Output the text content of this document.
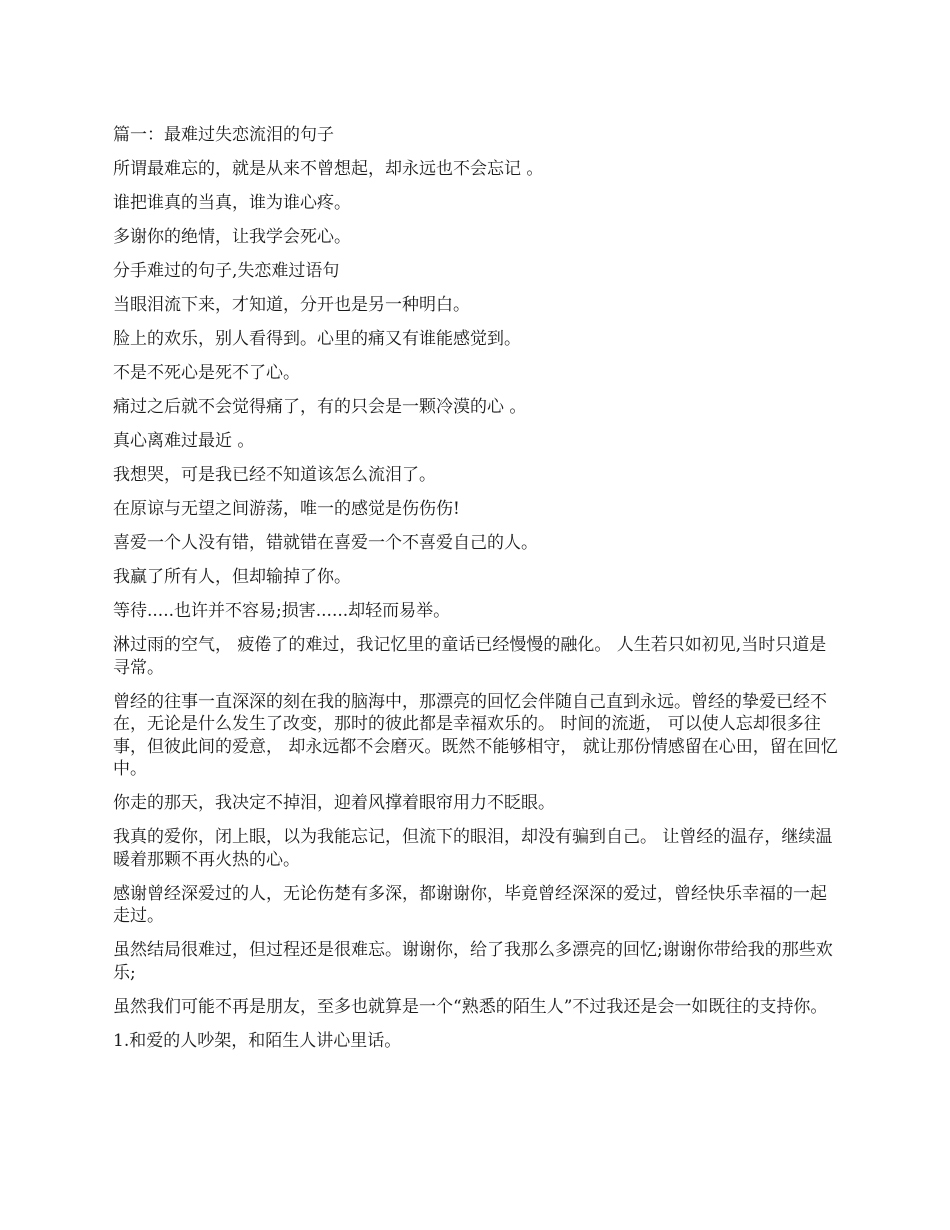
篇一：最难过失恋流泪的句子

所谓最难忘的，就是从来不曾想起，却永远也不会忘记 。

谁把谁真的当真，谁为谁心疼。

多谢你的绝情，让我学会死心。

分手难过的句子,失恋难过语句

当眼泪流下来，才知道，分开也是另一种明白。

脸上的欢乐，别人看得到。心里的痛又有谁能感觉到。

不是不死心是死不了心。

痛过之后就不会觉得痛了，有的只会是一颗冷漠的心 。

真心离难过最近 。

我想哭，可是我已经不知道该怎么流泪了。

在原谅与无望之间游荡，唯一的感觉是伤伤伤!

喜爱一个人没有错，错就错在喜爱一个不喜爱自己的人。

我赢了所有人，但却输掉了你。

等待.....也许并不容易;损害......却轻而易举。

淋过雨的空气， 疲倦了的难过，我记忆里的童话已经慢慢的融化。 人生若只如初见,当时只道是寻常。

曾经的往事一直深深的刻在我的脑海中，那漂亮的回忆会伴随自己直到永远。曾经的挚爱已经不在，无论是什么发生了改变，那时的彼此都是幸福欢乐的。 时间的流逝， 可以使人忘却很多往事，但彼此间的爱意， 却永远都不会磨灭。既然不能够相守， 就让那份情感留在心田，留在回忆中。

你走的那天，我决定不掉泪，迎着风撑着眼帘用力不眨眼。

我真的爱你，闭上眼，以为我能忘记，但流下的眼泪，却没有骗到自己。 让曾经的温存，继续温暖着那颗不再火热的心。

感谢曾经深爱过的人，无论伤楚有多深，都谢谢你，毕竟曾经深深的爱过，曾经快乐幸福的一起走过。

虽然结局很难过，但过程还是很难忘。谢谢你，给了我那么多漂亮的回忆;谢谢你带给我的那些欢乐;

虽然我们可能不再是朋友，至多也就算是一个“熟悉的陌生人”不过我还是会一如既往的支持你。

1.和爱的人吵架，和陌生人讲心里话。
